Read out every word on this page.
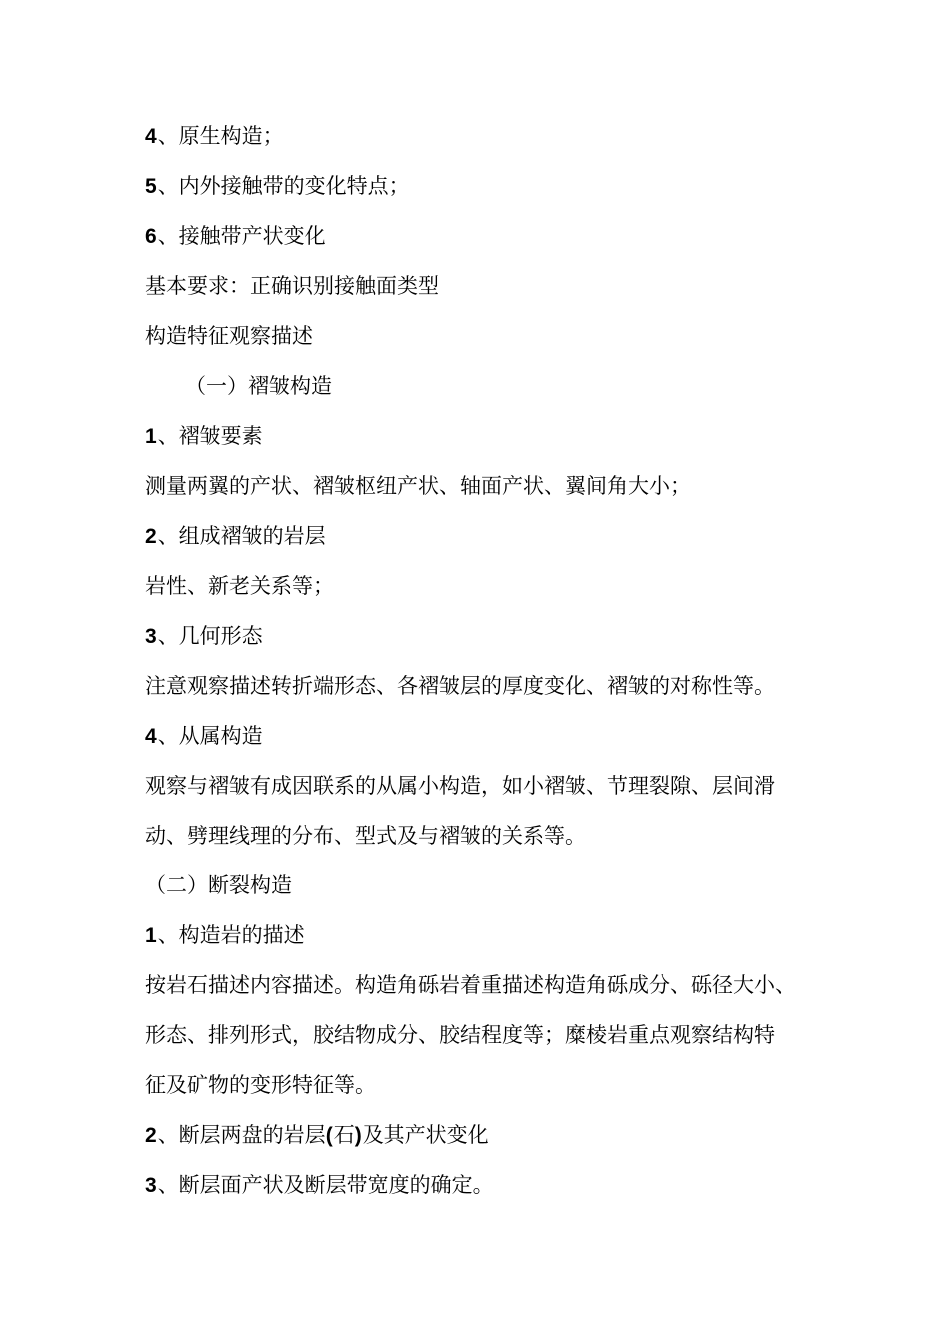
4、原生构造；
5、内外接触带的变化特点；
6、接触带产状变化
基本要求：正确识别接触面类型
构造特征观察描述
（一）褶皱构造
1、褶皱要素
测量两翼的产状、褶皱枢纽产状、轴面产状、翼间角大小；
2、组成褶皱的岩层
岩性、新老关系等；
3、几何形态
注意观察描述转折端形态、各褶皱层的厚度变化、褶皱的对称性等。
4、从属构造
观察与褶皱有成因联系的从属小构造，如小褶皱、节理裂隙、层间滑
动、劈理线理的分布、型式及与褶皱的关系等。
（二）断裂构造
1、构造岩的描述
按岩石描述内容描述。构造角砾岩着重描述构造角砾成分、砾径大小、
形态、排列形式，胶结物成分、胶结程度等；糜棱岩重点观察结构特
征及矿物的变形特征等。
2、断层两盘的岩层(石)及其产状变化
3、断层面产状及断层带宽度的确定。
